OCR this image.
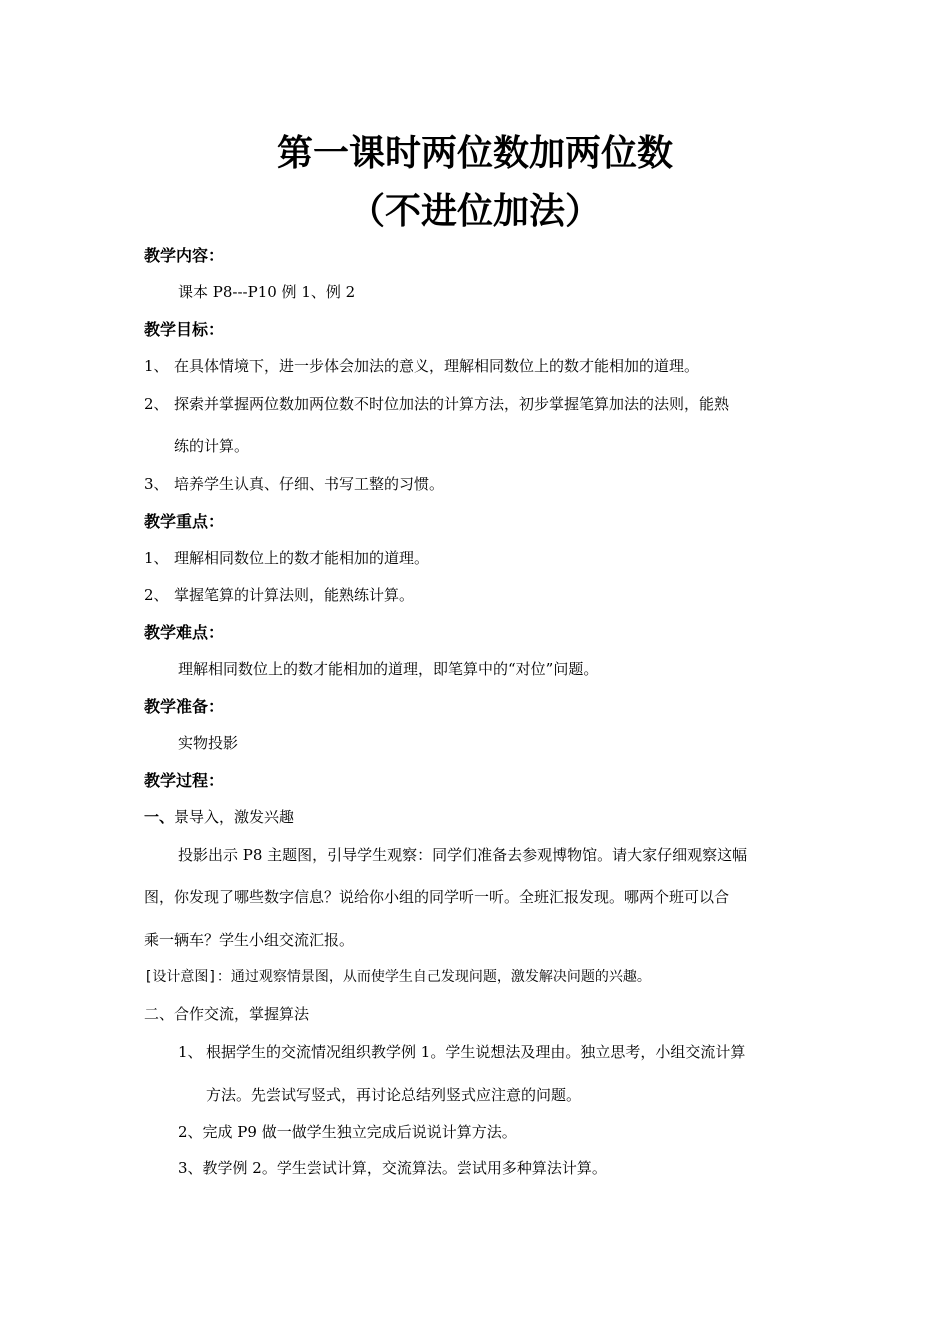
第一课时两位数加两位数
（不进位加法）
教学内容：
课本 P8---P10 例 1、例 2
教学目标：
1、 在具体情境下，进一步体会加法的意义，理解相同数位上的数才能相加的道理。
2、 探索并掌握两位数加两位数不时位加法的计算方法，初步掌握笔算加法的法则，能熟
练的计算。
3、 培养学生认真、仔细、书写工整的习惯。
教学重点：
1、 理解相同数位上的数才能相加的道理。
2、 掌握笔算的计算法则，能熟练计算。
教学难点：
理解相同数位上的数才能相加的道理，即笔算中的“对位”问题。
教学准备：
实物投影
教学过程：
一、景导入，激发兴趣
投影出示 P8 主题图，引导学生观察：同学们准备去参观博物馆。请大家仔细观察这幅
图，你发现了哪些数字信息？说给你小组的同学听一听。全班汇报发现。哪两个班可以合
乘一辆车？学生小组交流汇报。
[设计意图]：通过观察情景图，从而使学生自己发现问题，激发解决问题的兴趣。
二、合作交流，掌握算法
1、 根据学生的交流情况组织教学例 1。学生说想法及理由。独立思考，小组交流计算
方法。先尝试写竖式，再讨论总结列竖式应注意的问题。
2、完成 P9 做一做学生独立完成后说说计算方法。
3、教学例 2。学生尝试计算，交流算法。尝试用多种算法计算。
